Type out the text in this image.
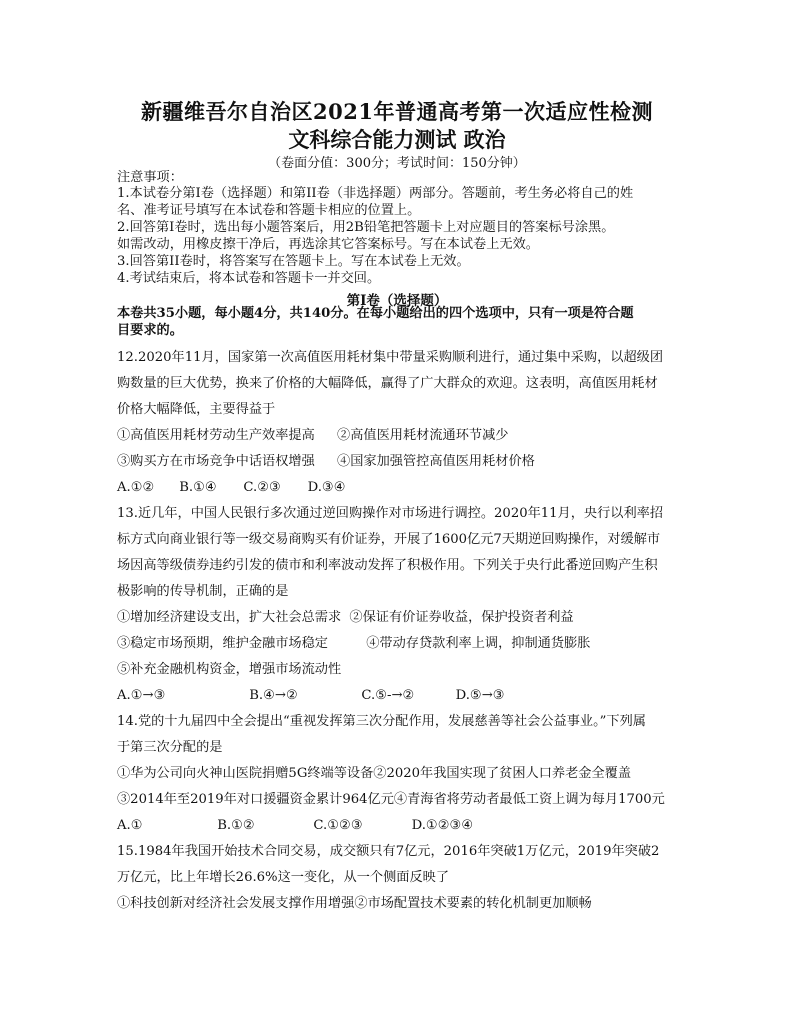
新疆维吾尔自治区2021年普通高考第一次适应性检测
文科综合能力测试 政治
（卷面分值：300分；考试时间：150分钟）
注意事项：
1.本试卷分第I卷（选择题）和第II卷（非选择题）两部分。答题前，考生务必将自己的姓
名、准考证号填写在本试卷和答题卡相应的位置上。
2.回答第I卷时，选出每小题答案后，用2B铅笔把答题卡上对应题目的答案标号涂黑。
如需改动，用橡皮擦干净后，再选涂其它答案标号。写在本试卷上无效。
3.回答第II卷时，将答案写在答题卡上。写在本试卷上无效。
4.考试结束后，将本试卷和答题卡一并交回。
第I卷（选择题）
本卷共35小题，每小题4分，共140分。在每小题给出的四个选项中，只有一项是符合题
目要求的。
12.2020年11月，国家第一次高值医用耗材集中带量采购顺利进行，通过集中采购，以超级团
购数量的巨大优势，换来了价格的大幅降低，赢得了广大群众的欢迎。这表明，高值医用耗材
价格大幅降低，主要得益于
①高值医用耗材劳动生产效率提高 ②高值医用耗材流通环节减少
③购买方在市场竞争中话语权增强 ④国家加强管控高值医用耗材价格
A.①② B.①④ C.②③ D.③④
13.近几年，中国人民银行多次通过逆回购操作对市场进行调控。2020年11月，央行以利率招
标方式向商业银行等一级交易商购买有价证券，开展了1600亿元7天期逆回购操作，对缓解市
场因高等级债券违约引发的债市和利率波动发挥了积极作用。下列关于央行此番逆回购产生积
极影响的传导机制，正确的是
①增加经济建设支出，扩大社会总需求 ②保证有价证券收益，保护投资者利益
③稳定市场预期，维护金融市场稳定	④带动存贷款利率上调，抑制通货膨胀
⑤补充金融机构资金，增强市场流动性
A.①→③	B.④→②	C.⑤-→②	D.⑤→③
14.党的十九届四中全会提出“重视发挥第三次分配作用，发展慈善等社会公益事业。”下列属
于第三次分配的是
①华为公司向火神山医院捐赠5G终端等设备②2020年我国实现了贫困人口养老金全覆盖
③2014年至2019年对口援疆资金累计964亿元④青海省将劳动者最低工资上调为每月1700元
A.①	B.①②	C.①②③	D.①②③④
15.1984年我国开始技术合同交易，成交额只有7亿元，2016年突破1万亿元，2019年突破2
万亿元，比上年增长26.6%这一变化，从一个侧面反映了
①科技创新对经济社会发展支撑作用增强②市场配置技术要素的转化机制更加顺畅
